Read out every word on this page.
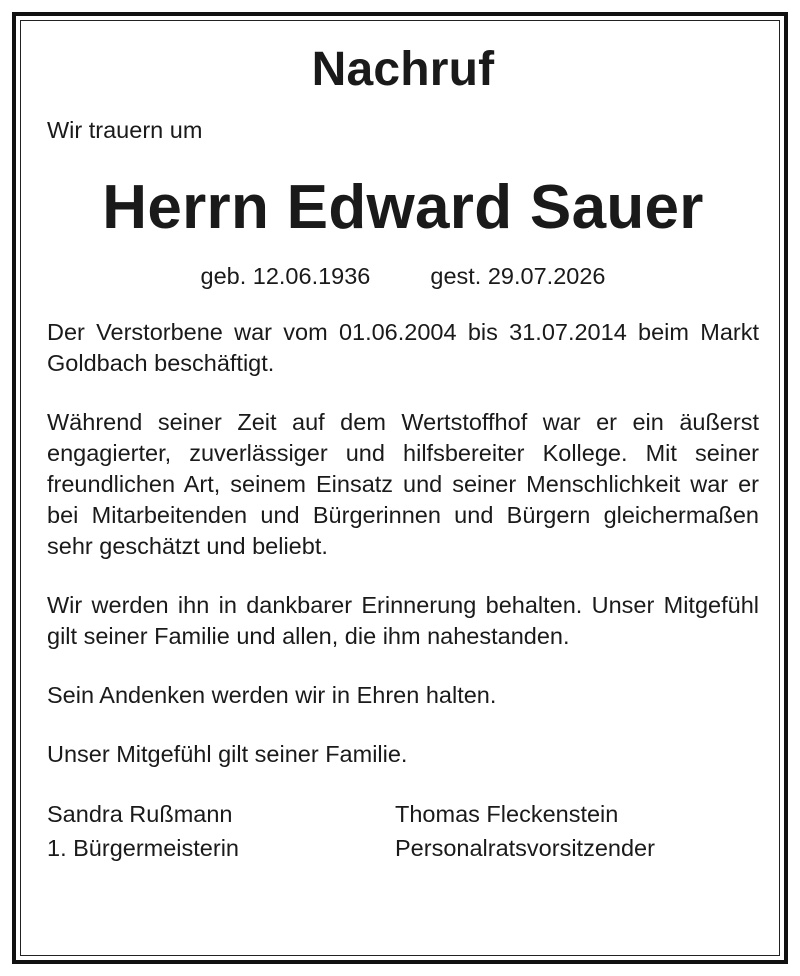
Nachruf

Wir trauern um

Herrn Edward Sauer
geb. 12.06.1936	gest. 29.07.2026

Der Verstorbene war vom 01.06.2004 bis 31.07.2014 beim Markt Goldbach beschäftigt.

Während seiner Zeit auf dem Wertstoffhof war er ein äußerst engagierter, zuverlässiger und hilfsbereiter Kollege. Mit seiner freundlichen Art, seinem Einsatz und seiner Menschlichkeit war er bei Mitarbeitenden und Bürgerinnen und Bürgern gleichermaßen sehr geschätzt und beliebt.

Wir werden ihn in dankbarer Erinnerung behalten. Unser Mitgefühl gilt seiner Familie und allen, die ihm nahestanden.

Sein Andenken werden wir in Ehren halten.

Unser Mitgefühl gilt seiner Familie.

Sandra Rußmann
1. Bürgermeisterin
Thomas Fleckenstein
Personalratsvorsitzender
